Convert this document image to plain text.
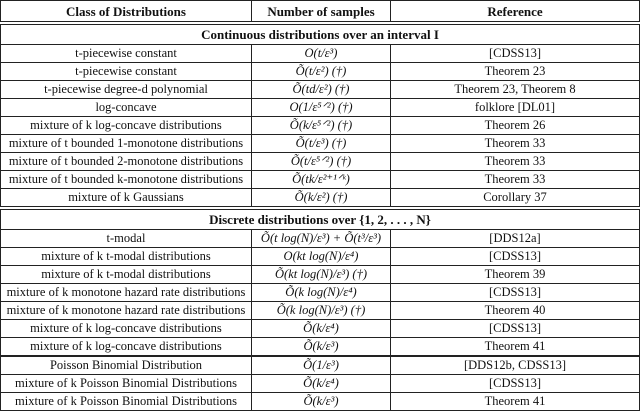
Class of Distributions	Number of samples	Reference
Continuous distributions over an interval I		
t-piecewise constant	O(t/ε³)	[CDSS13]
t-piecewise constant	Õ(t/ε²) (†)	Theorem 23
t-piecewise degree-d polynomial	Õ(td/ε²) (†)	Theorem 23, Theorem 8
log-concave	O(1/ε⁵ᐟ²) (†)	folklore [DL01]
mixture of k log-concave distributions	Õ(k/ε⁵ᐟ²) (†)	Theorem 26
mixture of t bounded 1-monotone distributions	Õ(t/ε³) (†)	Theorem 33
mixture of t bounded 2-monotone distributions	Õ(t/ε⁵ᐟ²) (†)	Theorem 33
mixture of t bounded k-monotone distributions	Õ(tk/ε²⁺¹ᐟᵏ)	Theorem 33
mixture of k Gaussians	Õ(k/ε²) (†)	Corollary 37
Discrete distributions over {1, 2, . . . , N}		
t-modal	Õ(t log(N)/ε³) + Õ(t³/ε³)	[DDS12a]
mixture of k t-modal distributions	O(kt log(N)/ε⁴)	[CDSS13]
mixture of k t-modal distributions	Õ(kt log(N)/ε³) (†)	Theorem 39
mixture of k monotone hazard rate distributions	Õ(k log(N)/ε⁴)	[CDSS13]
mixture of k monotone hazard rate distributions	Õ(k log(N)/ε³) (†)	Theorem 40
mixture of k log-concave distributions	Õ(k/ε⁴)	[CDSS13]
mixture of k log-concave distributions	Õ(k/ε³)	Theorem 41
Poisson Binomial Distribution	Õ(1/ε³)	[DDS12b, CDSS13]
mixture of k Poisson Binomial Distributions	Õ(k/ε⁴)	[CDSS13]
mixture of k Poisson Binomial Distributions	Õ(k/ε³)	Theorem 41
